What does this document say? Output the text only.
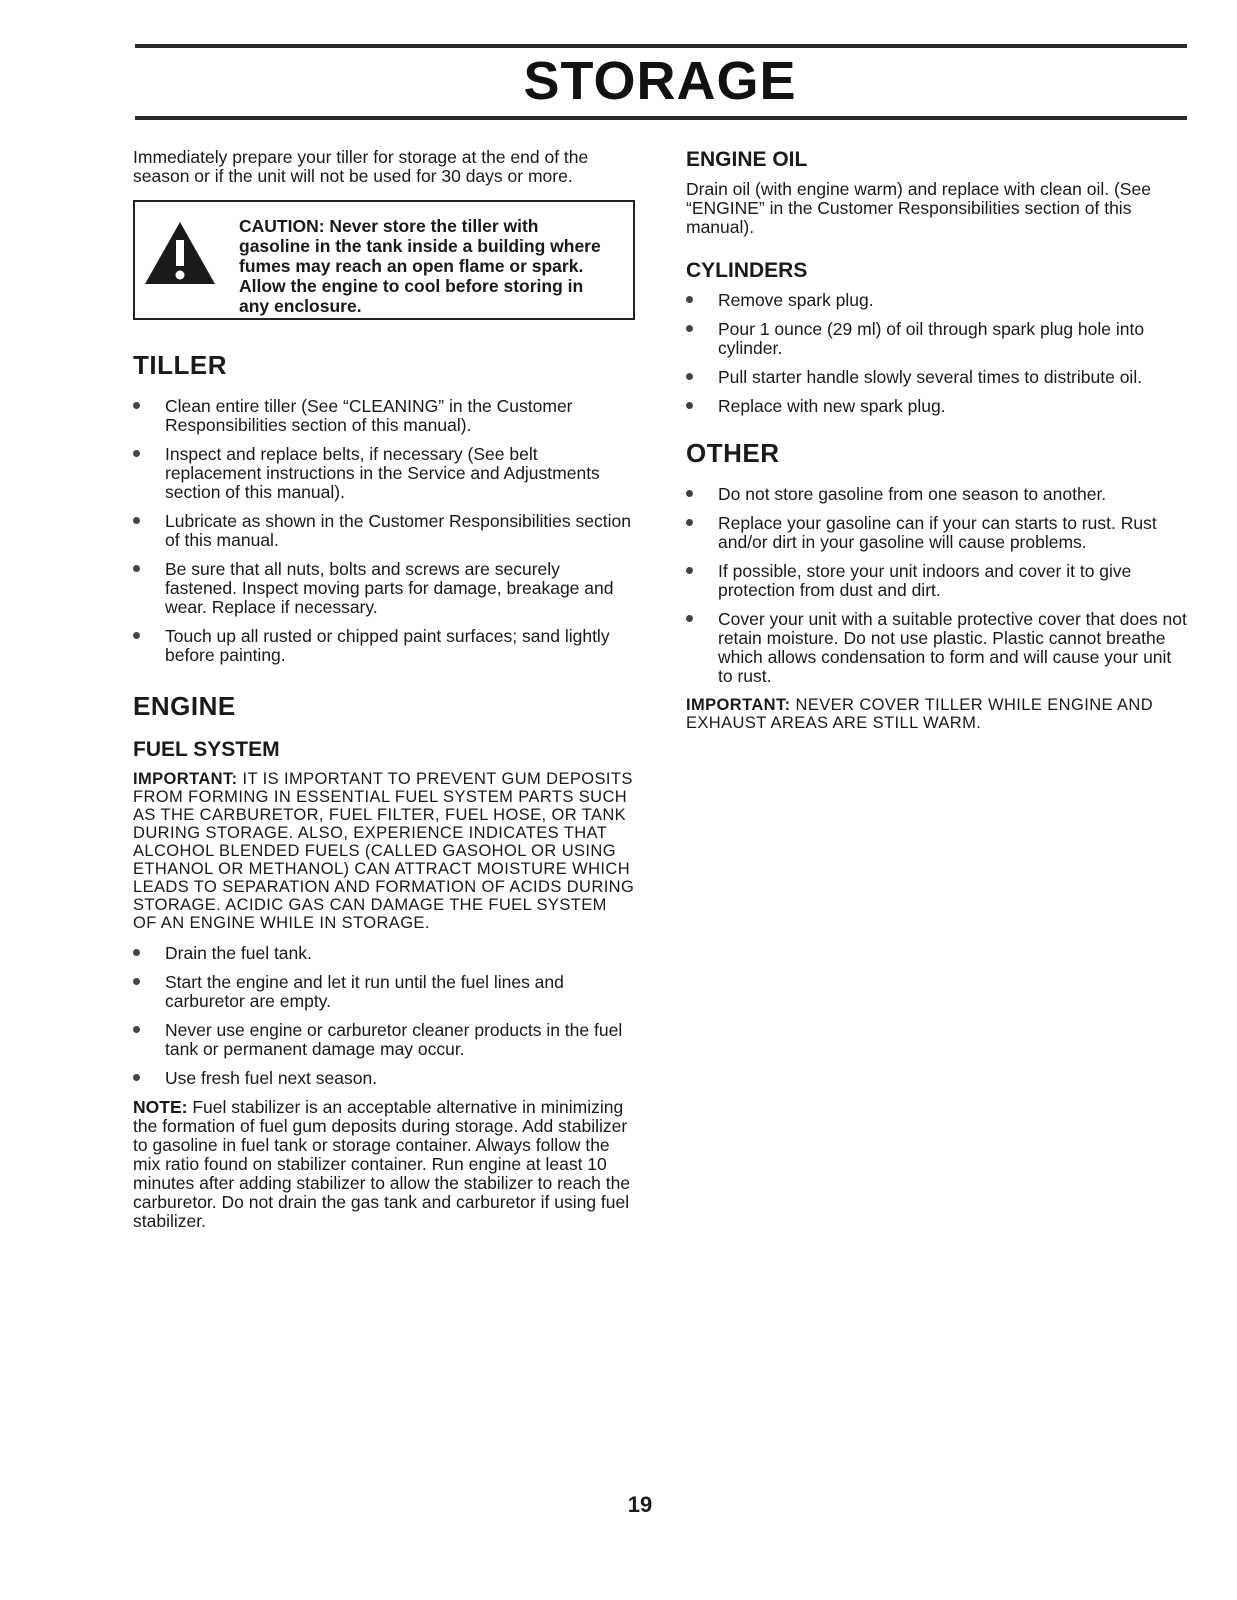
STORAGE

Immediately prepare your tiller for storage at the end of the season or if the unit will not be used for 30 days or more.

CAUTION: Never store the tiller with gasoline in the tank inside a building where fumes may reach an open flame or spark. Allow the engine to cool before storing in any enclosure.
TILLER
Clean entire tiller (See “CLEANING” in the Customer Responsibilities section of this manual).
Inspect and replace belts, if necessary (See belt replacement instructions in the Service and Adjustments section of this manual).
Lubricate as shown in the Customer Responsibilities section of this manual.
Be sure that all nuts, bolts and screws are securely fastened. Inspect moving parts for damage, breakage and wear. Replace if necessary.
Touch up all rusted or chipped paint surfaces; sand lightly before painting.
ENGINE
FUEL SYSTEM

IMPORTANT: IT IS IMPORTANT TO PREVENT GUM DEPOSITS FROM FORMING IN ESSENTIAL FUEL SYSTEM PARTS SUCH AS THE CARBURETOR, FUEL FILTER, FUEL HOSE, OR TANK DURING STORAGE. ALSO, EXPERIENCE INDICATES THAT ALCOHOL BLENDED FUELS (CALLED GASOHOL OR USING ETHANOL OR METHANOL) CAN ATTRACT MOISTURE WHICH LEADS TO SEPARATION AND FORMATION OF ACIDS DURING STORAGE. ACIDIC GAS CAN DAMAGE THE FUEL SYSTEM OF AN ENGINE WHILE IN STORAGE.

Drain the fuel tank.
Start the engine and let it run until the fuel lines and carburetor are empty.
Never use engine or carburetor cleaner products in the fuel tank or permanent damage may occur.
Use fresh fuel next season.

NOTE: Fuel stabilizer is an acceptable alternative in minimizing the formation of fuel gum deposits during storage. Add stabilizer to gasoline in fuel tank or storage container. Always follow the mix ratio found on stabilizer container. Run engine at least 10 minutes after adding stabilizer to allow the stabilizer to reach the carburetor. Do not drain the gas tank and carburetor if using fuel stabilizer.

ENGINE OIL

Drain oil (with engine warm) and replace with clean oil. (See “ENGINE” in the Customer Responsibilities section of this manual).

CYLINDERS
Remove spark plug.
Pour 1 ounce (29 ml) of oil through spark plug hole into cylinder.
Pull starter handle slowly several times to distribute oil.
Replace with new spark plug.
OTHER
Do not store gasoline from one season to another.
Replace your gasoline can if your can starts to rust. Rust and/or dirt in your gasoline will cause problems.
If possible, store your unit indoors and cover it to give protection from dust and dirt.
Cover your unit with a suitable protective cover that does not retain moisture. Do not use plastic. Plastic cannot breathe which allows condensation to form and will cause your unit to rust.

IMPORTANT: NEVER COVER TILLER WHILE ENGINE AND EXHAUST AREAS ARE STILL WARM.

19
